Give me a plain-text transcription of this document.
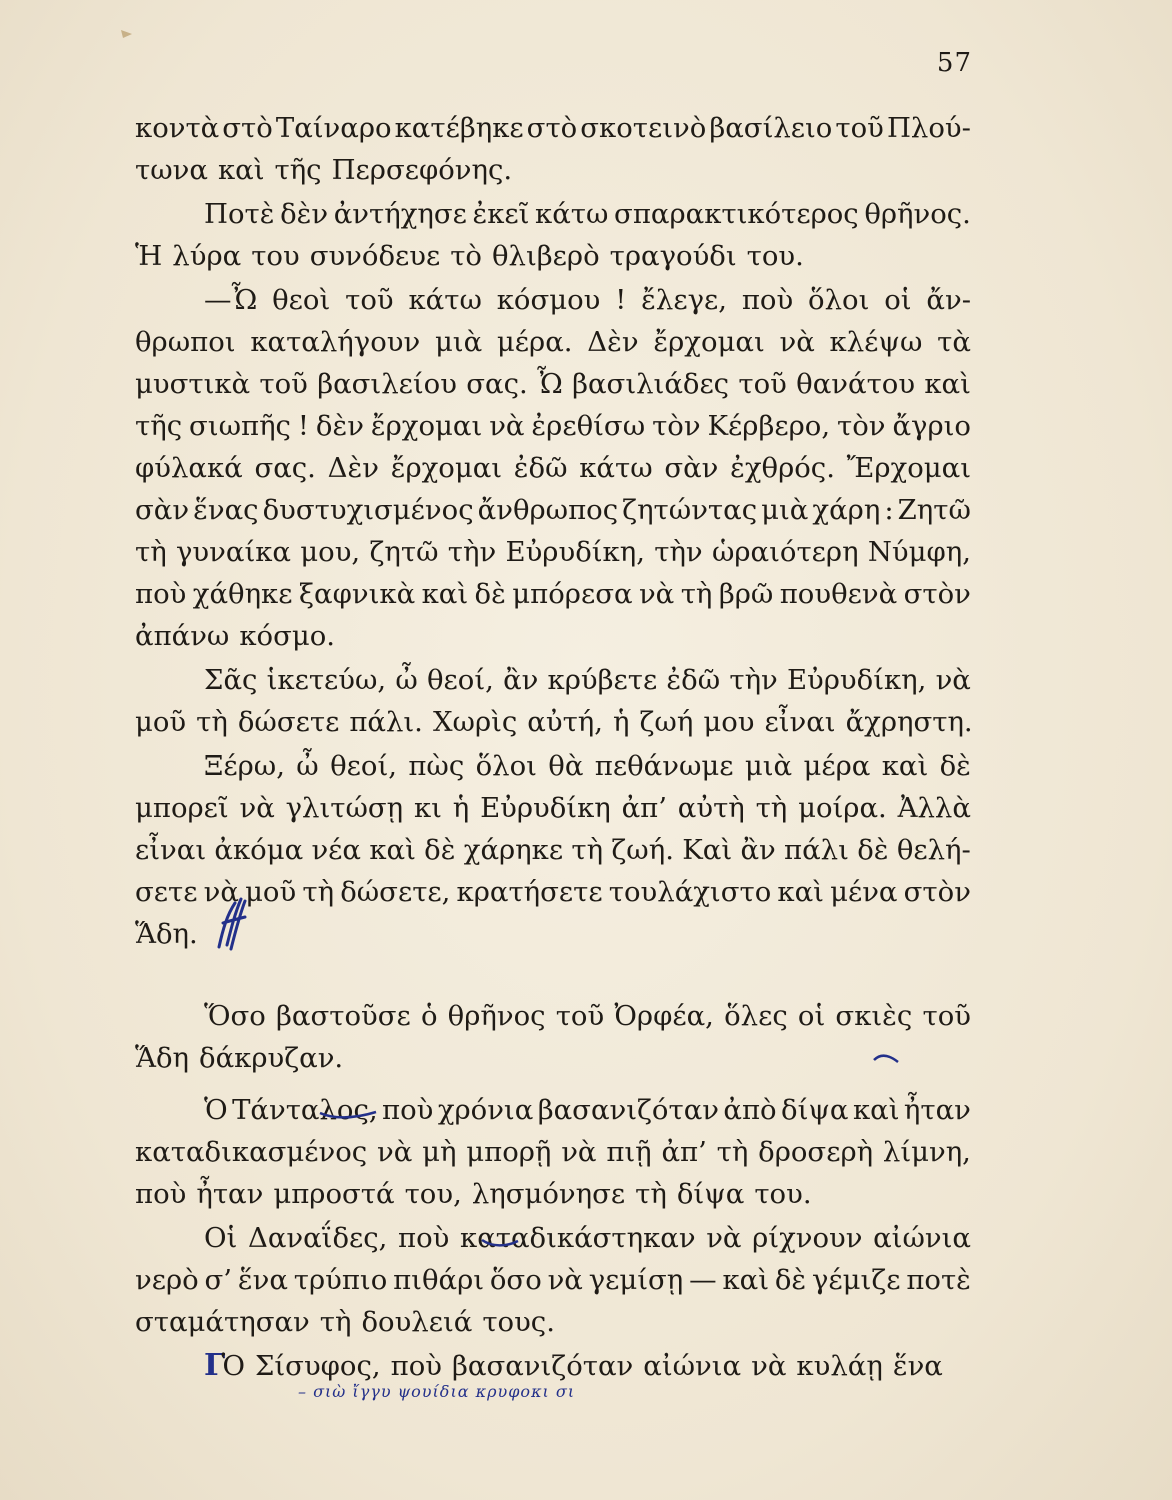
57
κοντὰ στὸ Ταίναρο κατέβηκε στὸ σκοτεινὸ βασίλειο τοῦ Πλού-
τωνα καὶ τῆς Περσεφόνης.
Ποτὲ δὲν ἀντήχησε ἐκεῖ κάτω σπαρακτικότερος θρῆνος.
Ἡ λύρα του συνόδευε τὸ θλιβερὸ τραγούδι του.
—Ὦ θεοὶ τοῦ κάτω κόσμου ! ἔλεγε, ποὺ ὅλοι οἱ ἄν-
θρωποι καταλήγουν μιὰ μέρα. Δὲν ἔρχομαι νὰ κλέψω τὰ
μυστικὰ τοῦ βασιλείου σας. Ὦ βασιλιάδες τοῦ θανάτου καὶ
τῆς σιωπῆς ! δὲν ἔρχομαι νὰ ἐρεθίσω τὸν Κέρβερο, τὸν ἄγριο
φύλακά σας. Δὲν ἔρχομαι ἐδῶ κάτω σὰν ἐχθρός. Ἔρχομαι
σὰν ἕνας δυστυχισμένος ἄνθρωπος ζητώντας μιὰ χάρη : Ζητῶ
τὴ γυναίκα μου, ζητῶ τὴν Εὐρυδίκη, τὴν ὡραιότερη Νύμφη,
ποὺ χάθηκε ξαφνικὰ καὶ δὲ μπόρεσα νὰ τὴ βρῶ πουθενὰ στὸν
ἀπάνω κόσμο.
Σᾶς ἱκετεύω, ὦ θεοί, ἂν κρύβετε ἐδῶ τὴν Εὐρυδίκη, νὰ
μοῦ τὴ δώσετε πάλι. Χωρὶς αὐτή, ἡ ζωή μου εἶναι ἄχρηστη.
Ξέρω, ὦ θεοί, πὼς ὅλοι θὰ πεθάνωμε μιὰ μέρα καὶ δὲ
μπορεῖ νὰ γλιτώσῃ κι ἡ Εὐρυδίκη ἀπ’ αὐτὴ τὴ μοίρα. Ἀλλὰ
εἶναι ἀκόμα νέα καὶ δὲ χάρηκε τὴ ζωή. Καὶ ἂν πάλι δὲ θελή-
σετε νὰ μοῦ τὴ δώσετε, κρατήσετε τουλάχιστο καὶ μένα στὸν
Ἅδη.
Ὅσο βαστοῦσε ὁ θρῆνος τοῦ Ὀρφέα, ὅλες οἱ σκιὲς τοῦ
Ἅδη δάκρυζαν.
Ὁ Τάνταλος, ποὺ χρόνια βασανιζόταν ἀπὸ δίψα καὶ ἦταν
καταδικασμένος νὰ μὴ μπορῇ νὰ πιῇ ἀπ’ τὴ δροσερὴ λίμνη,
ποὺ ἦταν μπροστά του, λησμόνησε τὴ δίψα του.
Οἱ Δαναΐδες, ποὺ καταδικάστηκαν νὰ ρίχνουν αἰώνια
νερὸ σ’ ἕνα τρύπιο πιθάρι ὅσο νὰ γεμίσῃ — καὶ δὲ γέμιζε ποτὲ
σταμάτησαν τὴ δουλειά τους.
ΓὉ Σίσυφος, ποὺ βασανιζόταν αἰώνια νὰ κυλάῃ ἕνα
– σιὼ ἴγγυ ψουίδια κρυφοκι σι
